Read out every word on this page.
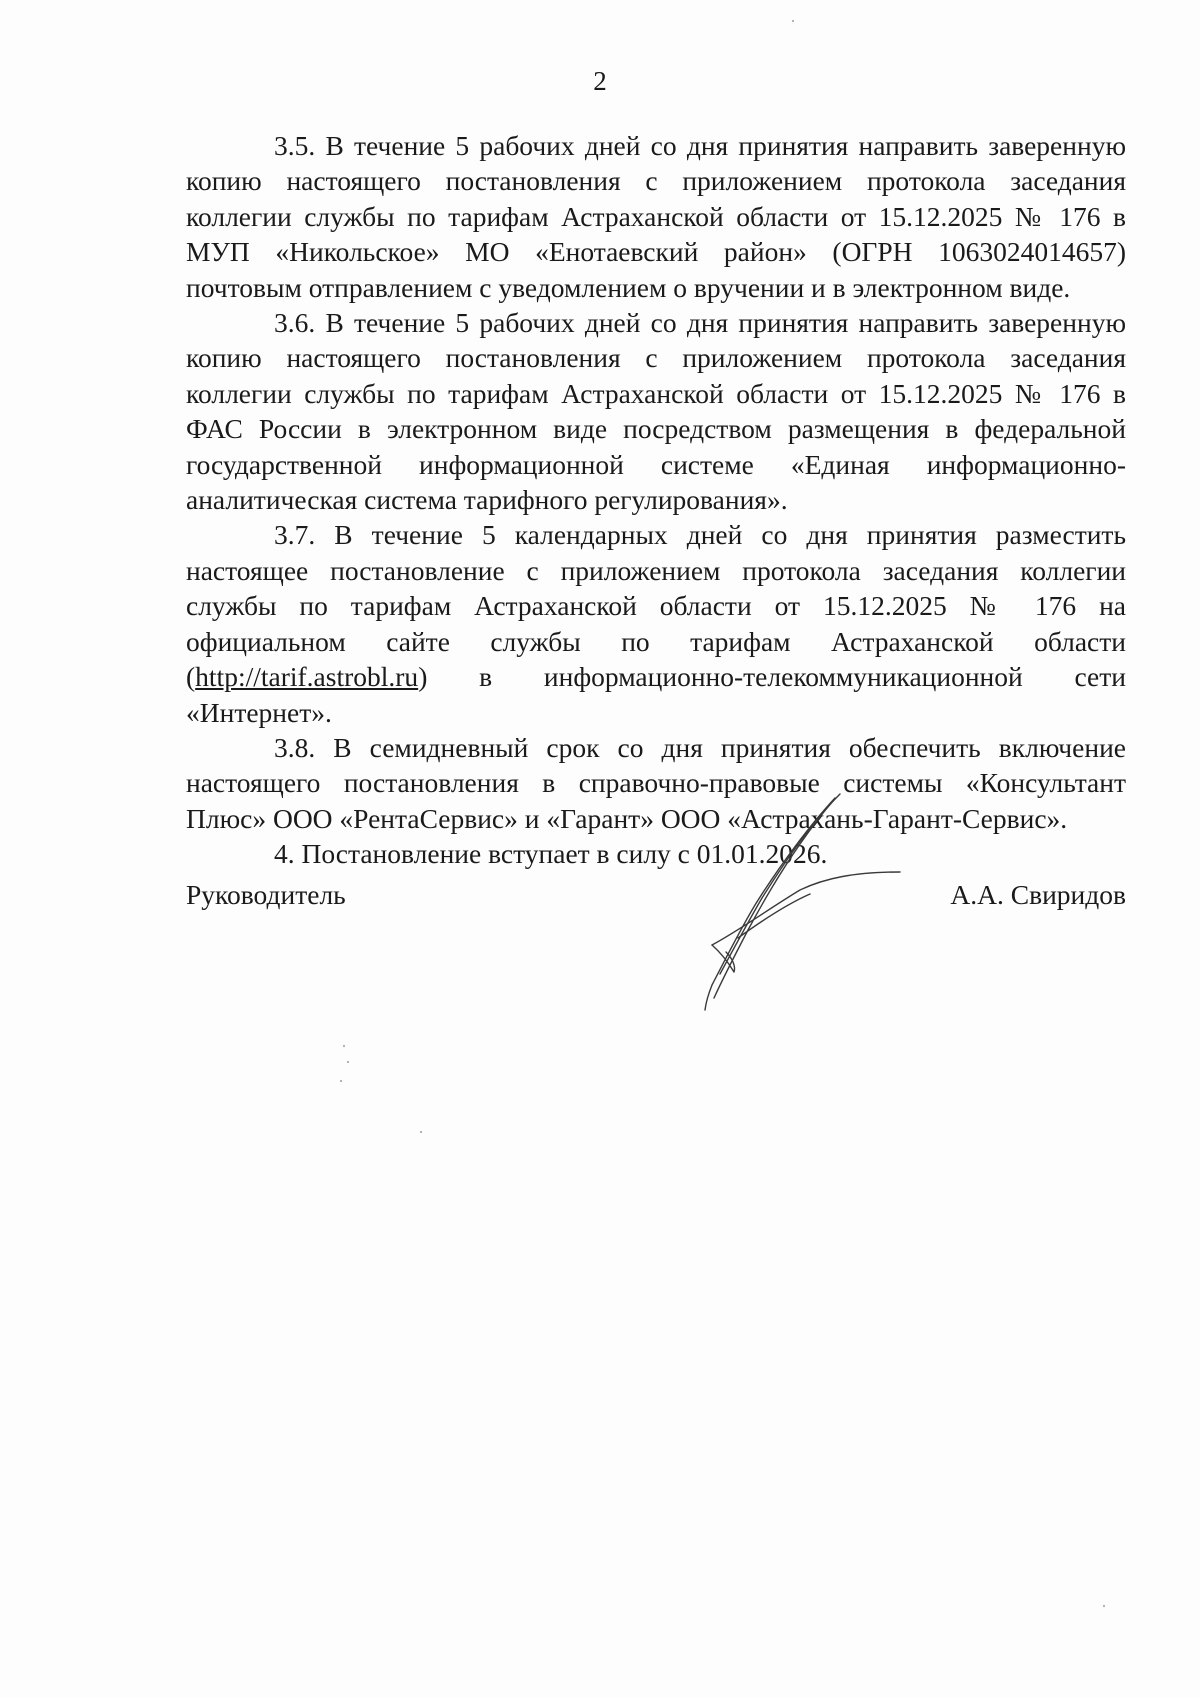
2

3.5. В течение 5 рабочих дней со дня принятия направить заверенную копию настоящего постановления с приложением протокола заседания коллегии службы по тарифам Астраханской области от 15.12.2025 № 176 в МУП «Никольское» МО «Енотаевский район» (ОГРН 1063024014657) почтовым отправлением с уведомлением о вручении и в электронном виде.

3.6. В течение 5 рабочих дней со дня принятия направить заверенную копию настоящего постановления с приложением протокола заседания коллегии службы по тарифам Астраханской области от 15.12.2025 № 176 в ФАС России в электронном виде посредством размещения в федеральной государственной информационной системе «Единая информационно-аналитическая система тарифного регулирования».

3.7. В течение 5 календарных дней со дня принятия разместить настоящее постановление с приложением протокола заседания коллегии службы по тарифам Астраханской области от 15.12.2025 № 176 на официальном сайте службы по тарифам Астраханской области (http://tarif.astrobl.ru) в информационно-телекоммуникационной сети «Интернет».

3.8. В семидневный срок со дня принятия обеспечить включение настоящего постановления в справочно-правовые системы «Консультант Плюс» ООО «РентаСервис» и «Гарант» ООО «Астрахань-Гарант-Сервис».

4. Постановление вступает в силу с 01.01.2026.

Руководитель	А.А. Свиридов
